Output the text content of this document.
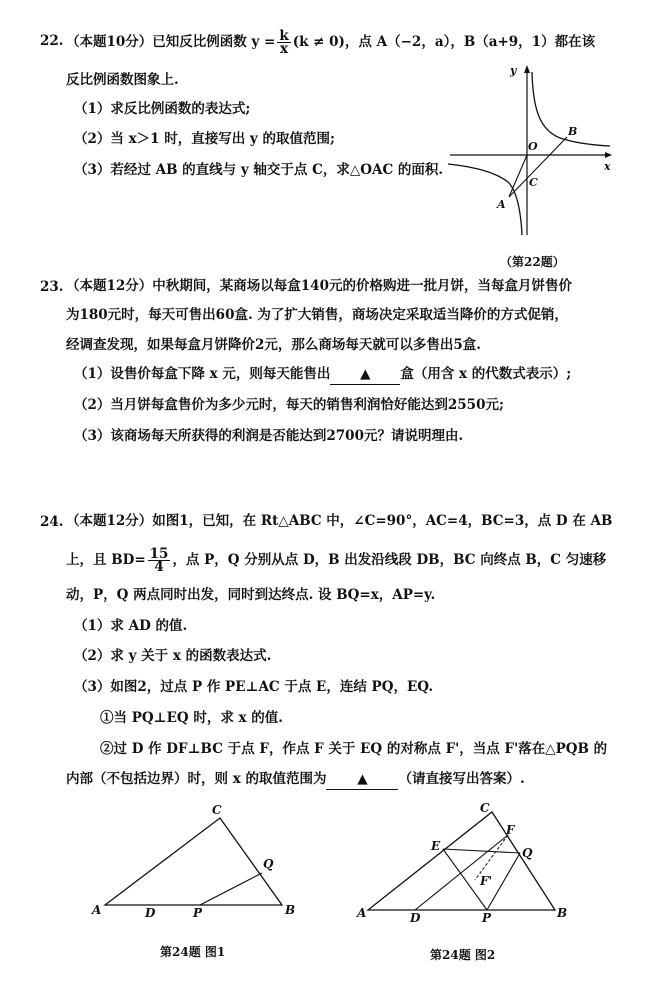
22. （本题10分）已知反比例函数 $y = \frac{k}{x} (k \ne 0)$，点 A（−2，a），B（a+9，1）都在该
反比例函数图象上.
（1）求反比例函数的表达式;
（2）当 x＞1 时，直接写出 y 的取值范围;
（3）若经过 AB 的直线与 y 轴交于点 C，求△OAC 的面积.
y
x
O
B
C
A
（第22题）
23. （本题12分）中秋期间，某商场以每盒140元的价格购进一批月饼，当每盒月饼售价
为180元时，每天可售出60盒. 为了扩大销售，商场决定采取适当降价的方式促销，
经调查发现，如果每盒月饼降价2元，那么商场每天就可以多售出5盒.
（1）设售价每盒下降 x 元，则每天能售出 ▲ 盒（用含 x 的代数式表示）;
（2）当月饼每盒售价为多少元时，每天的销售利润恰好能达到2550元;
（3）该商场每天所获得的利润是否能达到2700元？请说明理由.
24. （本题12分）如图1，已知，在 Rt△ABC 中，∠C=90°，AC=4，BC=3，点 D 在 AB
上，且 $BD= \frac{15}{4}$ ，点 P，Q 分别从点 D，B 出发沿线段 DB，BC 向终点 B，C 匀速移
动，P，Q 两点同时出发，同时到达终点. 设 BQ=x，AP=y.
（1）求 AD 的值.
（2）求 y 关于 x 的函数表达式.
（3）如图2，过点 P 作 PE⊥AC 于点 E，连结 PQ，EQ.
①当 PQ⊥EQ 时，求 x 的值.
②过 D 作 DF⊥BC 于点 F，作点 F 关于 EQ 的对称点 F'，当点 F'落在△PQB 的
内部（不包括边界）时，则 x 的取值范围为 ▲ （请直接写出答案）.
C
Q
A	D	P	B
第24题 图1
C
F
E	Q
F'
A	D	P	B
第24题 图2
